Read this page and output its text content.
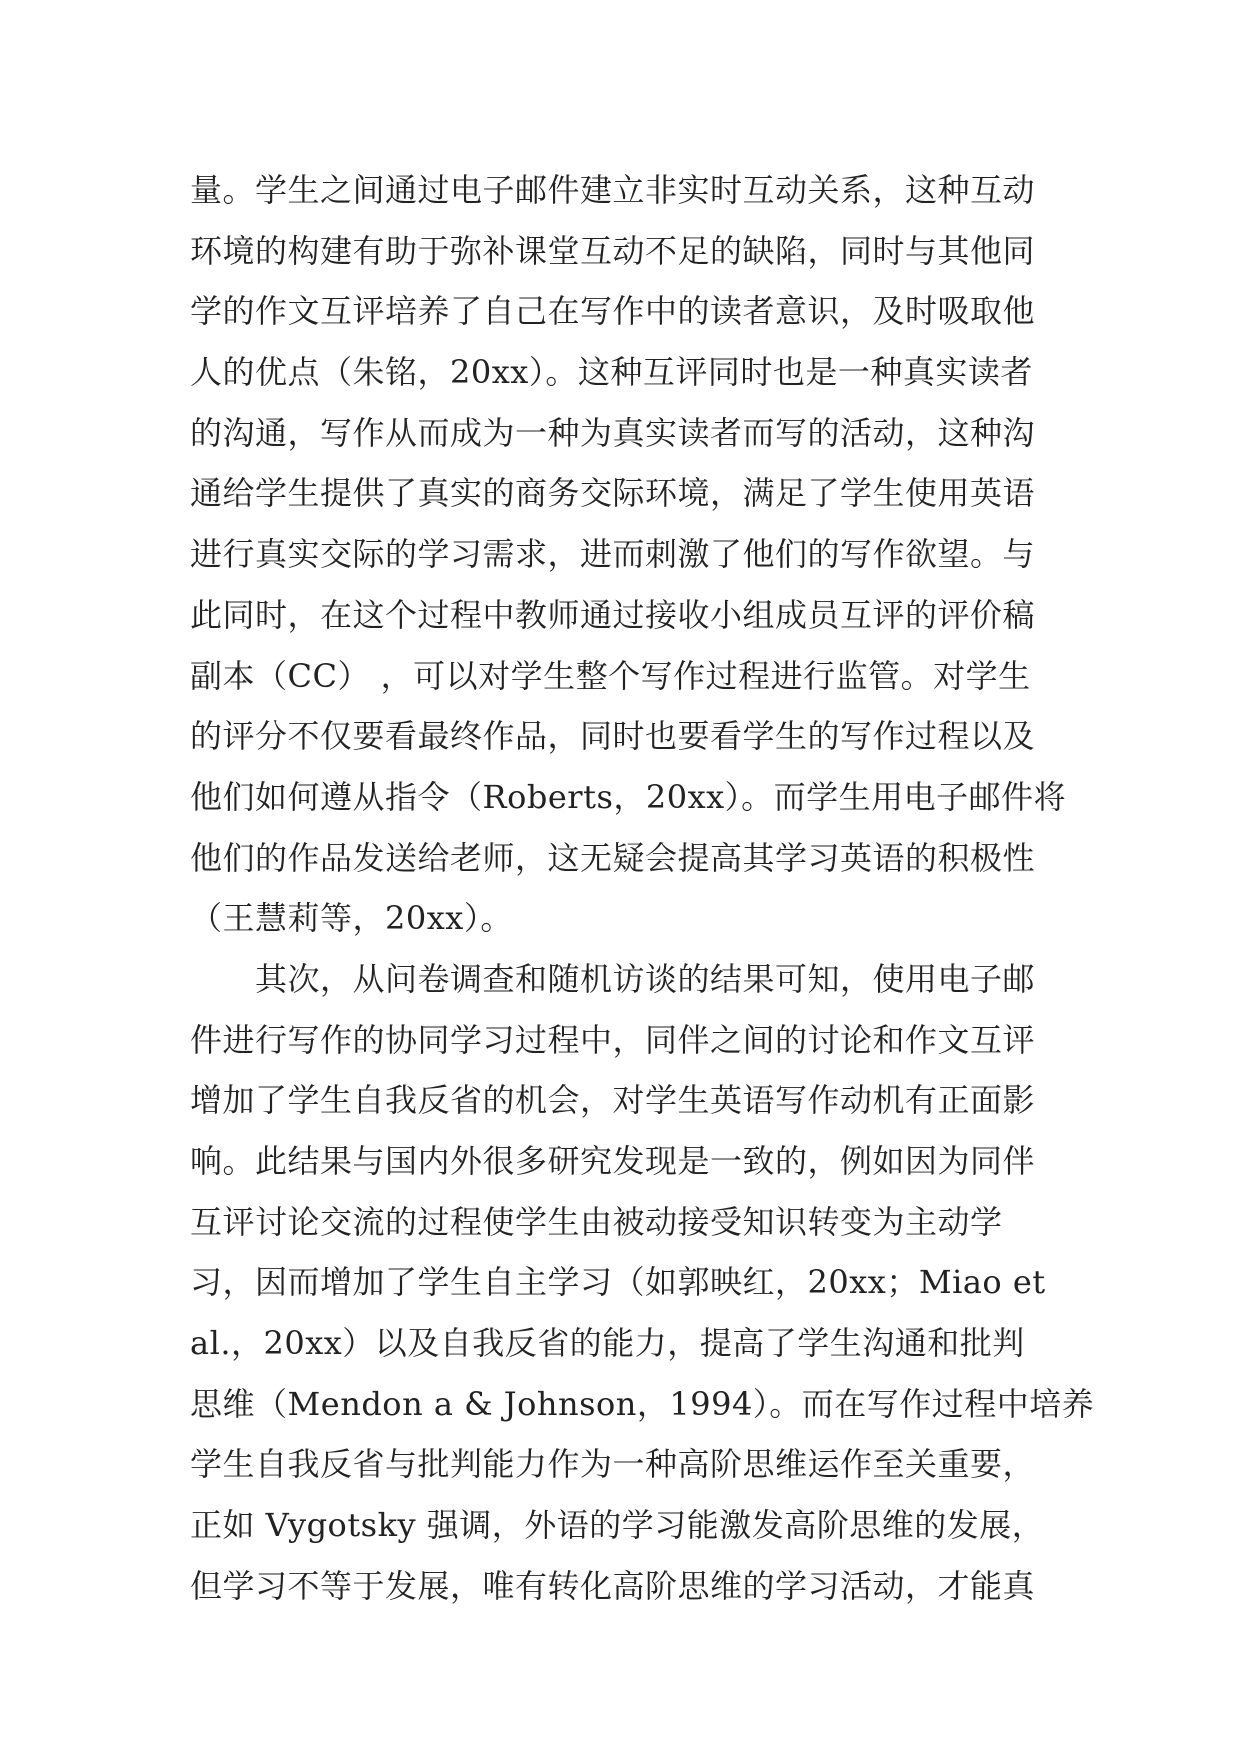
量。学生之间通过电子邮件建立非实时互动关系，这种互动
环境的构建有助于弥补课堂互动不足的缺陷，同时与其他同
学的作文互评培养了自己在写作中的读者意识，及时吸取他
人的优点（朱铭，20xx）。这种互评同时也是一种真实读者
的沟通，写作从而成为一种为真实读者而写的活动，这种沟
通给学生提供了真实的商务交际环境，满足了学生使用英语
进行真实交际的学习需求，进而刺激了他们的写作欲望。与
此同时，在这个过程中教师通过接收小组成员互评的评价稿
副本（CC） ，可以对学生整个写作过程进行监管。对学生
的评分不仅要看最终作品，同时也要看学生的写作过程以及
他们如何遵从指令（Roberts，20xx）。而学生用电子邮件将
他们的作品发送给老师，这无疑会提高其学习英语的积极性
（王慧莉等，20xx）。
　　其次，从问卷调查和随机访谈的结果可知，使用电子邮
件进行写作的协同学习过程中，同伴之间的讨论和作文互评
增加了学生自我反省的机会，对学生英语写作动机有正面影
响。此结果与国内外很多研究发现是一致的，例如因为同伴
互评讨论交流的过程使学生由被动接受知识转变为主动学
习，因而增加了学生自主学习（如郭映红，20xx；Miao et
al.，20xx）以及自我反省的能力，提高了学生沟通和批判
思维（Mendon a & Johnson，1994）。而在写作过程中培养
学生自我反省与批判能力作为一种高阶思维运作至关重要，
正如 Vygotsky 强调，外语的学习能激发高阶思维的发展，
但学习不等于发展，唯有转化高阶思维的学习活动，才能真
